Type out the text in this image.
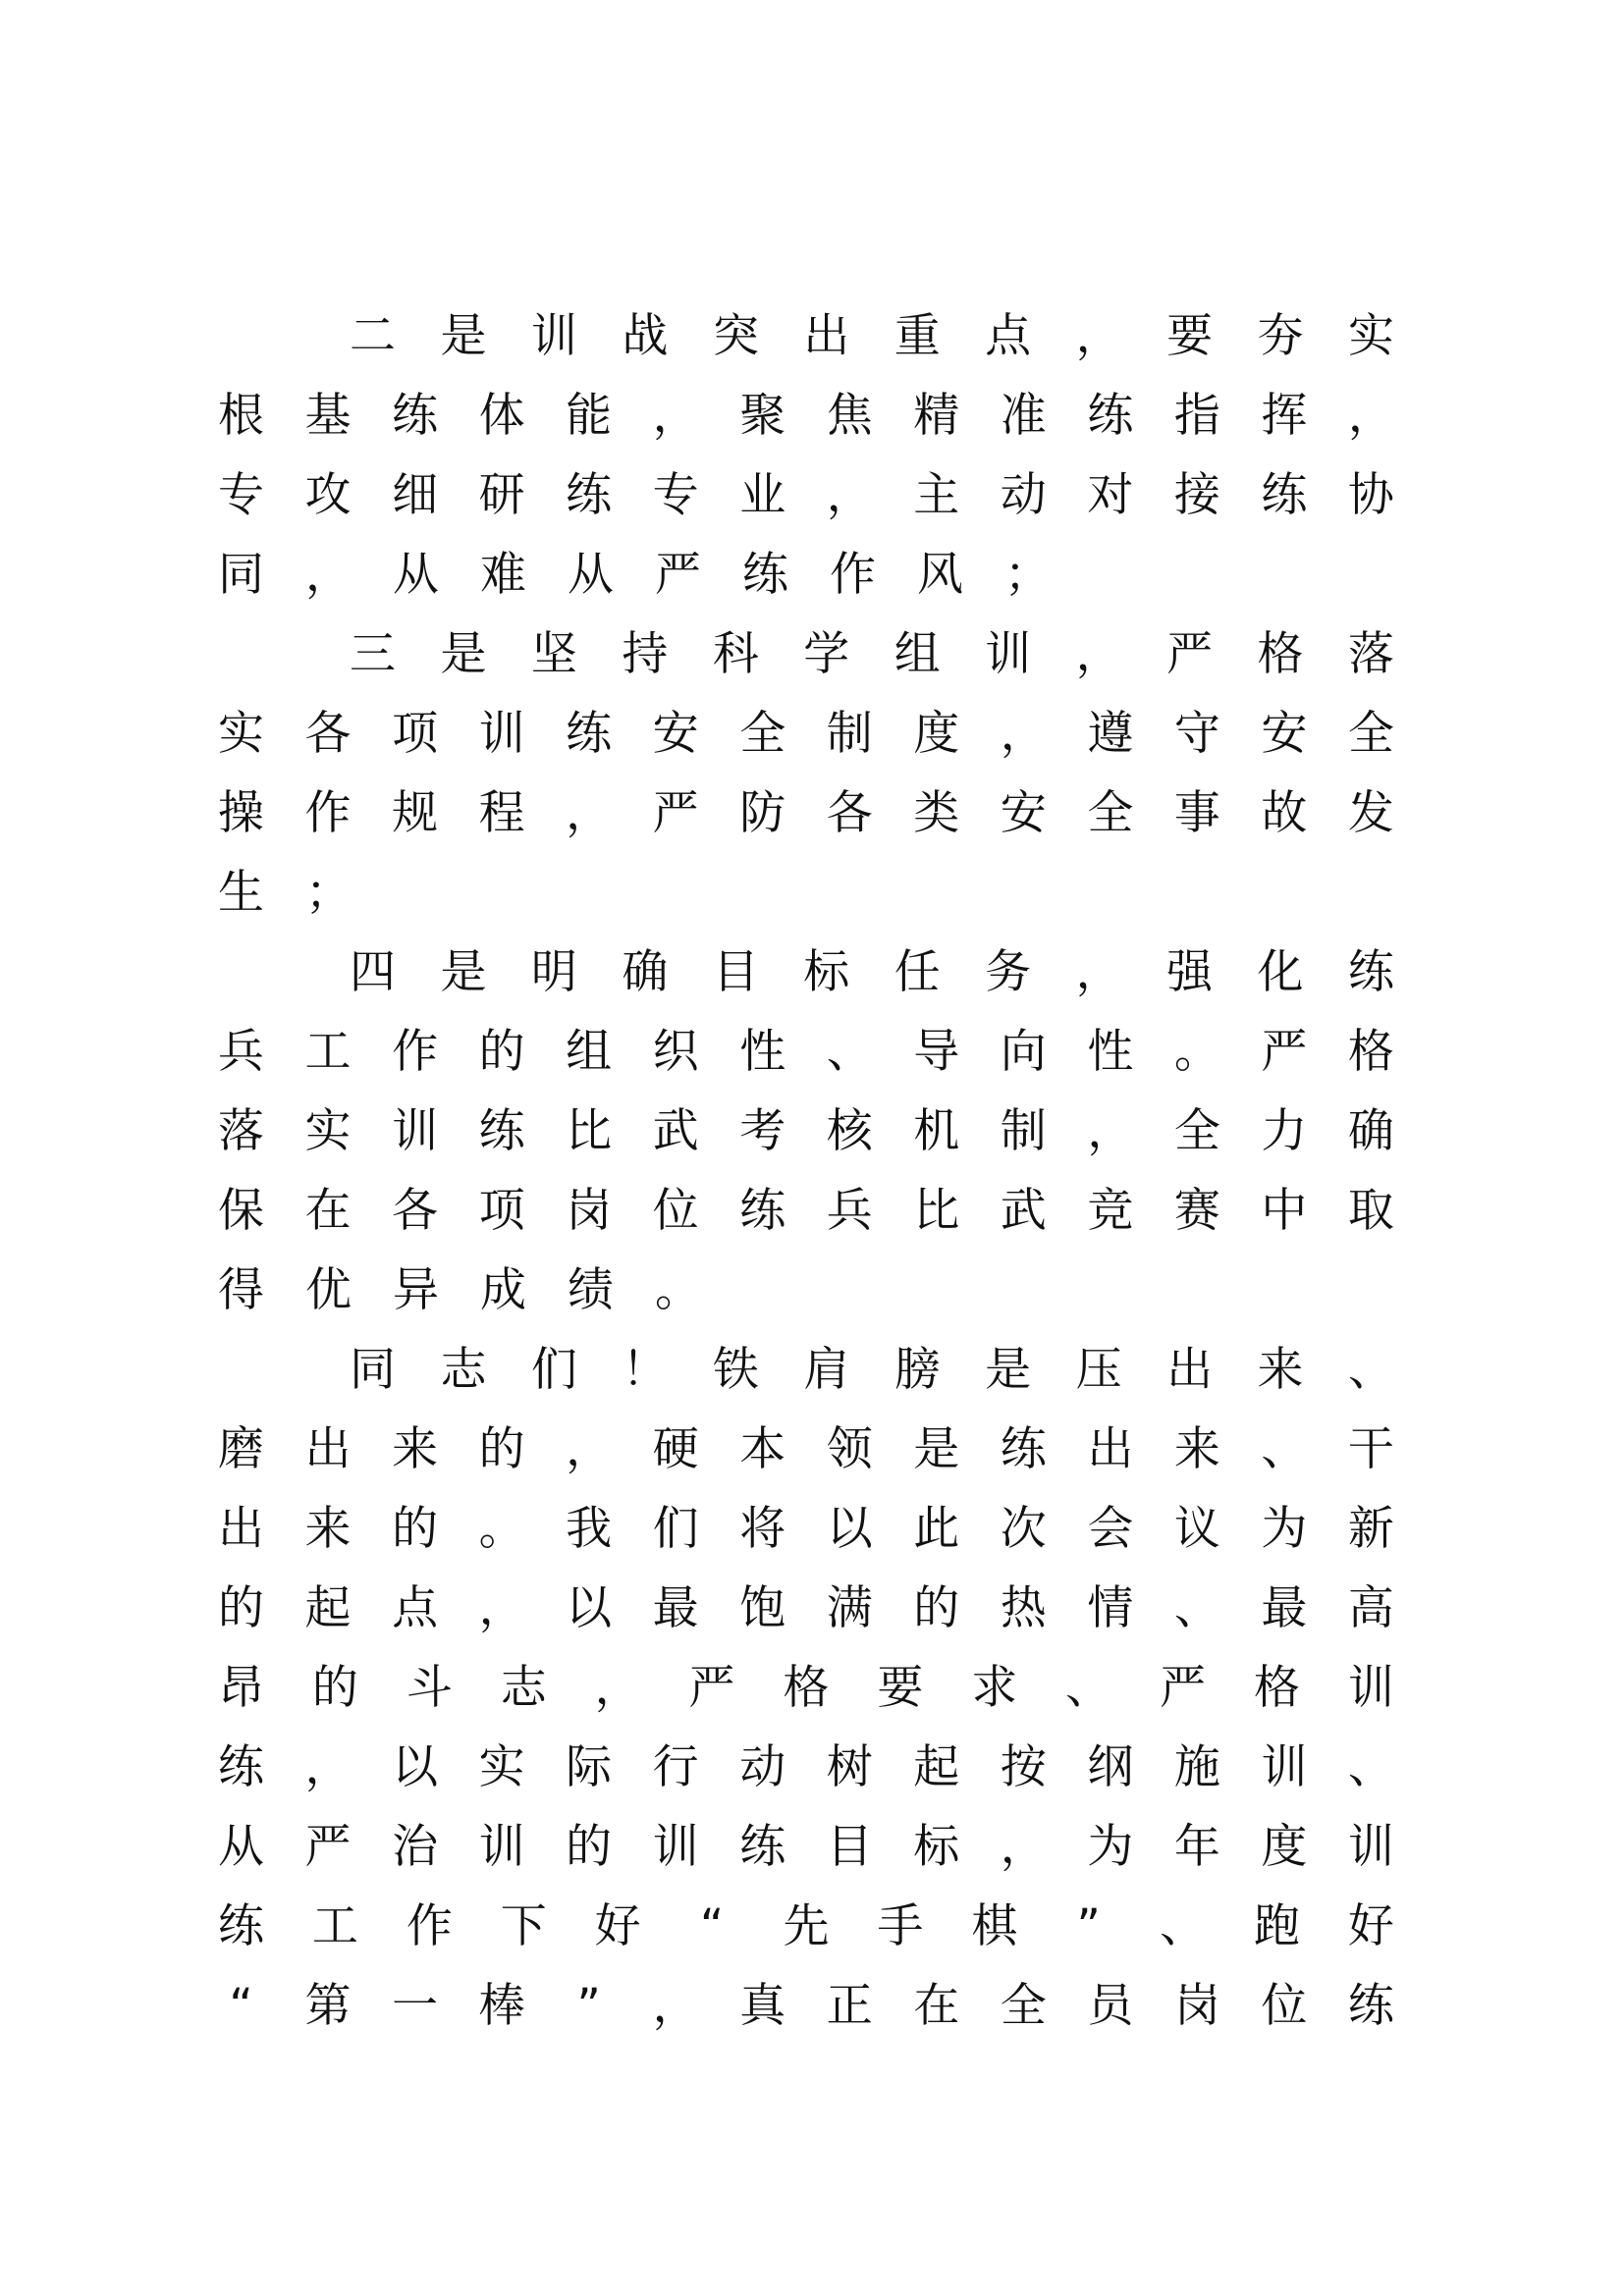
二 是 训 战 突 出 重 点 ， 要 夯 实
根 基 练 体 能 ， 聚 焦 精 准 练 指 挥 ，
专 攻 细 研 练 专 业 ， 主 动 对 接 练 协
同 ， 从 难 从 严 练 作 风 ；
三 是 坚 持 科 学 组 训 ， 严 格 落
实 各 项 训 练 安 全 制 度 ， 遵 守 安 全
操 作 规 程 ， 严 防 各 类 安 全 事 故 发
生 ；
四 是 明 确 目 标 任 务 ， 强 化 练
兵 工 作 的 组 织 性 、 导 向 性 。 严 格
落 实 训 练 比 武 考 核 机 制 ， 全 力 确
保 在 各 项 岗 位 练 兵 比 武 竞 赛 中 取
得 优 异 成 绩 。
同 志 们 ！ 铁 肩 膀 是 压 出 来 、
磨 出 来 的 ， 硬 本 领 是 练 出 来 、 干
出 来 的 。 我 们 将 以 此 次 会 议 为 新
的 起 点 ， 以 最 饱 满 的 热 情 、 最 高
昂 的 斗 志 ， 严 格 要 求 、 严 格 训
练 ， 以 实 际 行 动 树 起 按 纲 施 训 、
从 严 治 训 的 训 练 目 标 ， 为 年 度 训
练 工 作 下 好 “ 先 手 棋 ” 、 跑 好
“ 第 一 棒 ” ， 真 正 在 全 员 岗 位 练
